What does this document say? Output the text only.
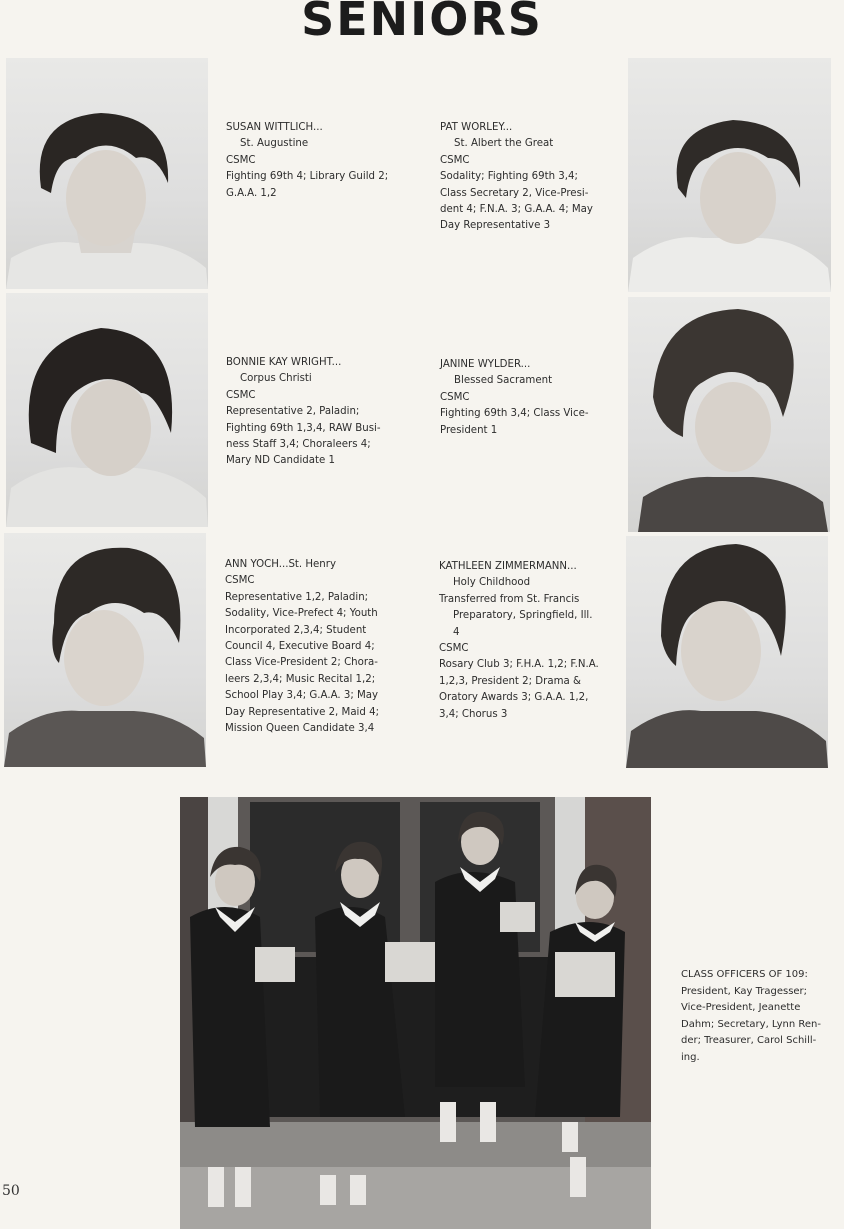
SENIORS
SUSAN WITTLICH...
St. Augustine
CSMC
Fighting 69th 4; Library Guild 2;
G.A.A. 1,2
PAT WORLEY...
St. Albert the Great
CSMC
Sodality; Fighting 69th 3,4;
Class Secretary 2, Vice-Presi-
dent 4; F.N.A. 3; G.A.A. 4; May
Day Representative 3
BONNIE KAY WRIGHT...
Corpus Christi
CSMC
Representative 2, Paladin;
Fighting 69th 1,3,4, RAW Busi-
ness Staff 3,4; Choraleers 4;
Mary ND Candidate 1
JANINE WYLDER...
Blessed Sacrament
CSMC
Fighting 69th 3,4; Class Vice-
President 1
ANN YOCH...St. Henry
CSMC
Representative 1,2, Paladin;
Sodality, Vice-Prefect 4; Youth
Incorporated 2,3,4; Student
Council 4, Executive Board 4;
Class Vice-President 2; Chora-
leers 2,3,4; Music Recital 1,2;
School Play 3,4; G.A.A. 3; May
Day Representative 2, Maid 4;
Mission Queen Candidate 3,4
KATHLEEN ZIMMERMANN...
Holy Childhood
Transferred from St. Francis
Preparatory, Springfield, Ill.
4
CSMC
Rosary Club 3; F.H.A. 1,2; F.N.A.
1,2,3, President 2; Drama &
Oratory Awards 3; G.A.A. 1,2,
3,4; Chorus 3
CLASS OFFICERS OF 109:
President, Kay Tragesser;
Vice-President, Jeanette
Dahm; Secretary, Lynn Ren-
der; Treasurer, Carol Schill-
ing.
50
